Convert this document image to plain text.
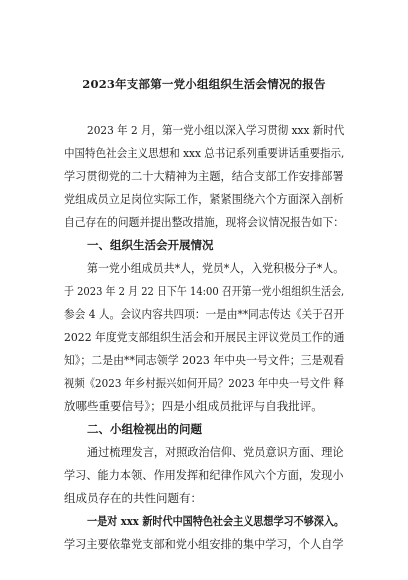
2023年支部第一党小组组织生活会情况的报告
2023 年 2 月，第一党小组以深入学习贯彻 xxx 新时代
中国特色社会主义思想和 xxx 总书记系列重要讲话重要指示,
学习贯彻党的二十大精神为主题，结合支部工作安排部署
党组成员立足岗位实际工作，紧紧围绕六个方面深入剖析
自己存在的问题并提出整改措施，现将会议情况报告如下：
一、组织生活会开展情况
第一党小组成员共*人，党员*人，入党积极分子*人。
于 2023 年 2 月 22 日下午 14:00 召开第一党小组组织生活会,
参会 4 人。会议内容共四项：一是由**同志传达《关于召开
2022 年度党支部组织生活会和开展民主评议党员工作的通
知》；二是由**同志领学 2023 年中央一号文件；三是观看
视频《2023 年乡村振兴如何开局？2023 年中央一号文件 释
放哪些重要信号》；四是小组成员批评与自我批评。
二、小组检视出的问题
通过梳理发言，对照政治信仰、党员意识方面、理论
学习、能力本领、作用发挥和纪律作风六个方面，发现小
组成员存在的共性问题有：
一是对 xxx 新时代中国特色社会主义思想学习不够深入。
学习主要依靠党支部和党小组安排的集中学习，个人自学
